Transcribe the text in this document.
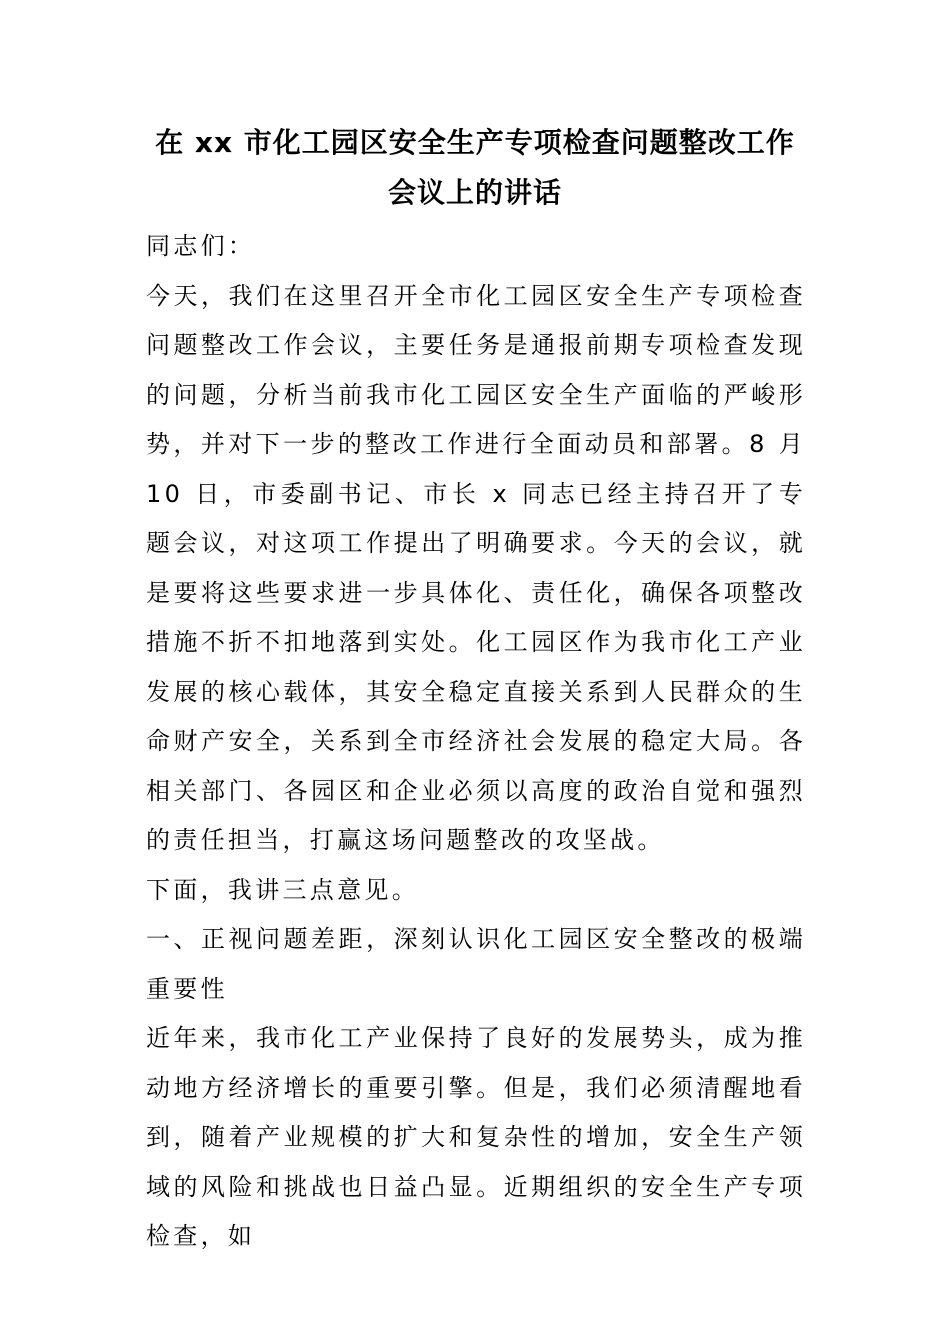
在 xx 市化工园区安全生产专项检查问题整改工作会议上的讲话

同志们：

今天，我们在这里召开全市化工园区安全生产专项检查问题整改工作会议，主要任务是通报前期专项检查发现的问题，分析当前我市化工园区安全生产面临的严峻形势，并对下一步的整改工作进行全面动员和部署。8 月 10 日，市委副书记、市长 x 同志已经主持召开了专题会议，对这项工作提出了明确要求。今天的会议，就是要将这些要求进一步具体化、责任化，确保各项整改措施不折不扣地落到实处。化工园区作为我市化工产业发展的核心载体，其安全稳定直接关系到人民群众的生命财产安全，关系到全市经济社会发展的稳定大局。各相关部门、各园区和企业必须以高度的政治自觉和强烈的责任担当，打赢这场问题整改的攻坚战。

下面，我讲三点意见。

一、正视问题差距，深刻认识化工园区安全整改的极端重要性

近年来，我市化工产业保持了良好的发展势头，成为推动地方经济增长的重要引擎。但是，我们必须清醒地看到，随着产业规模的扩大和复杂性的增加，安全生产领域的风险和挑战也日益凸显。近期组织的安全生产专项检查，如
